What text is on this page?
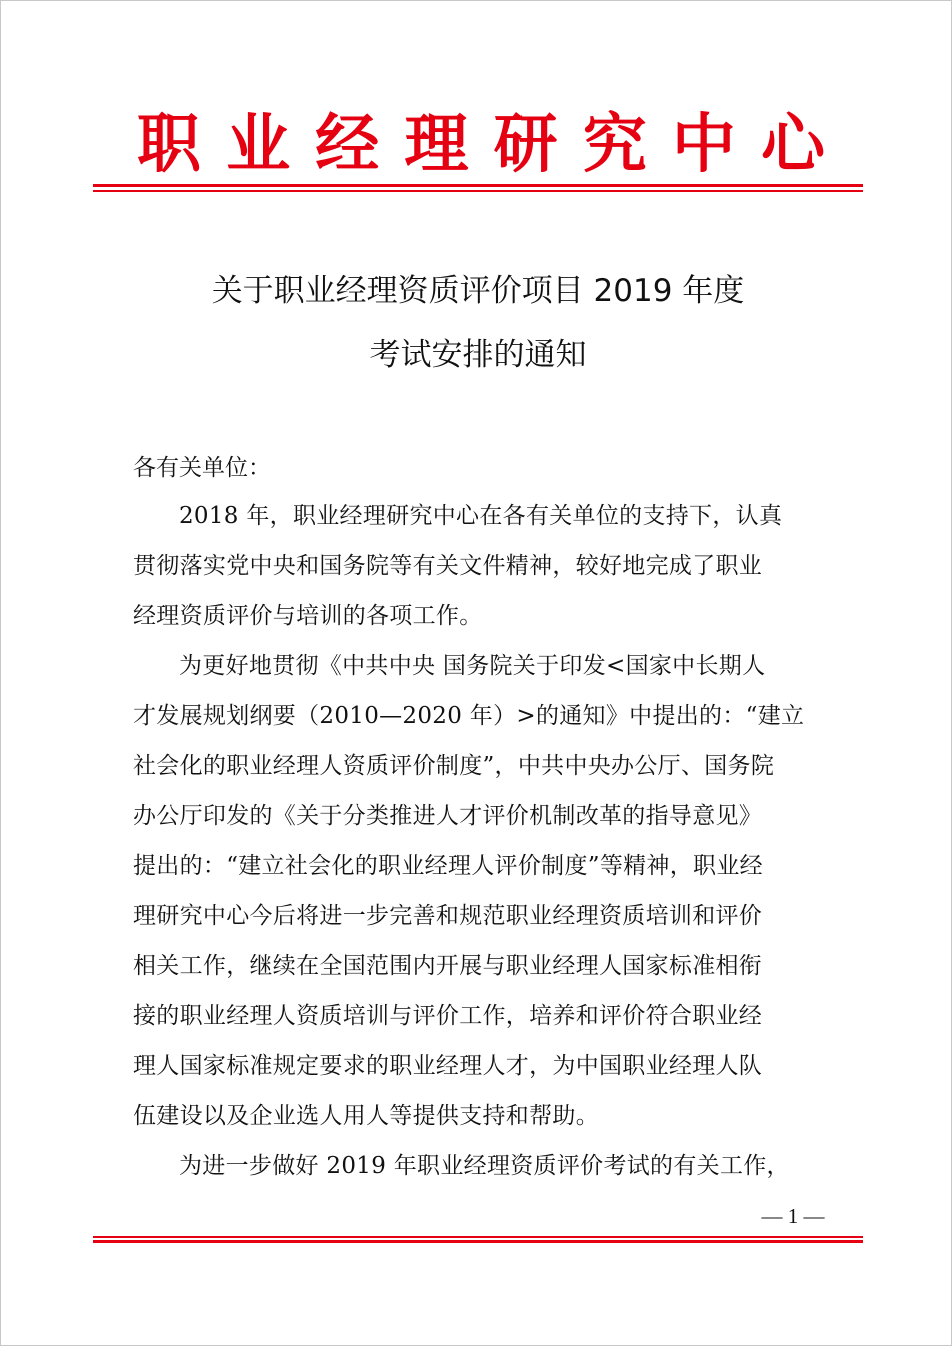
职 业 经 理 研 究 中 心
关于职业经理资质评价项目 2019 年度
考试安排的通知
各有关单位：
2018 年，职业经理研究中心在各有关单位的支持下，认真
贯彻落实党中央和国务院等有关文件精神，较好地完成了职业
经理资质评价与培训的各项工作。
为更好地贯彻《中共中央 国务院关于印发<国家中长期人
才发展规划纲要（2010—2020 年）>的通知》中提出的：“建立
社会化的职业经理人资质评价制度”，中共中央办公厅、国务院
办公厅印发的《关于分类推进人才评价机制改革的指导意见》
提出的：“建立社会化的职业经理人评价制度”等精神，职业经
理研究中心今后将进一步完善和规范职业经理资质培训和评价
相关工作，继续在全国范围内开展与职业经理人国家标准相衔
接的职业经理人资质培训与评价工作，培养和评价符合职业经
理人国家标准规定要求的职业经理人才，为中国职业经理人队
伍建设以及企业选人用人等提供支持和帮助。
为进一步做好 2019 年职业经理资质评价考试的有关工作，
— 1 —
